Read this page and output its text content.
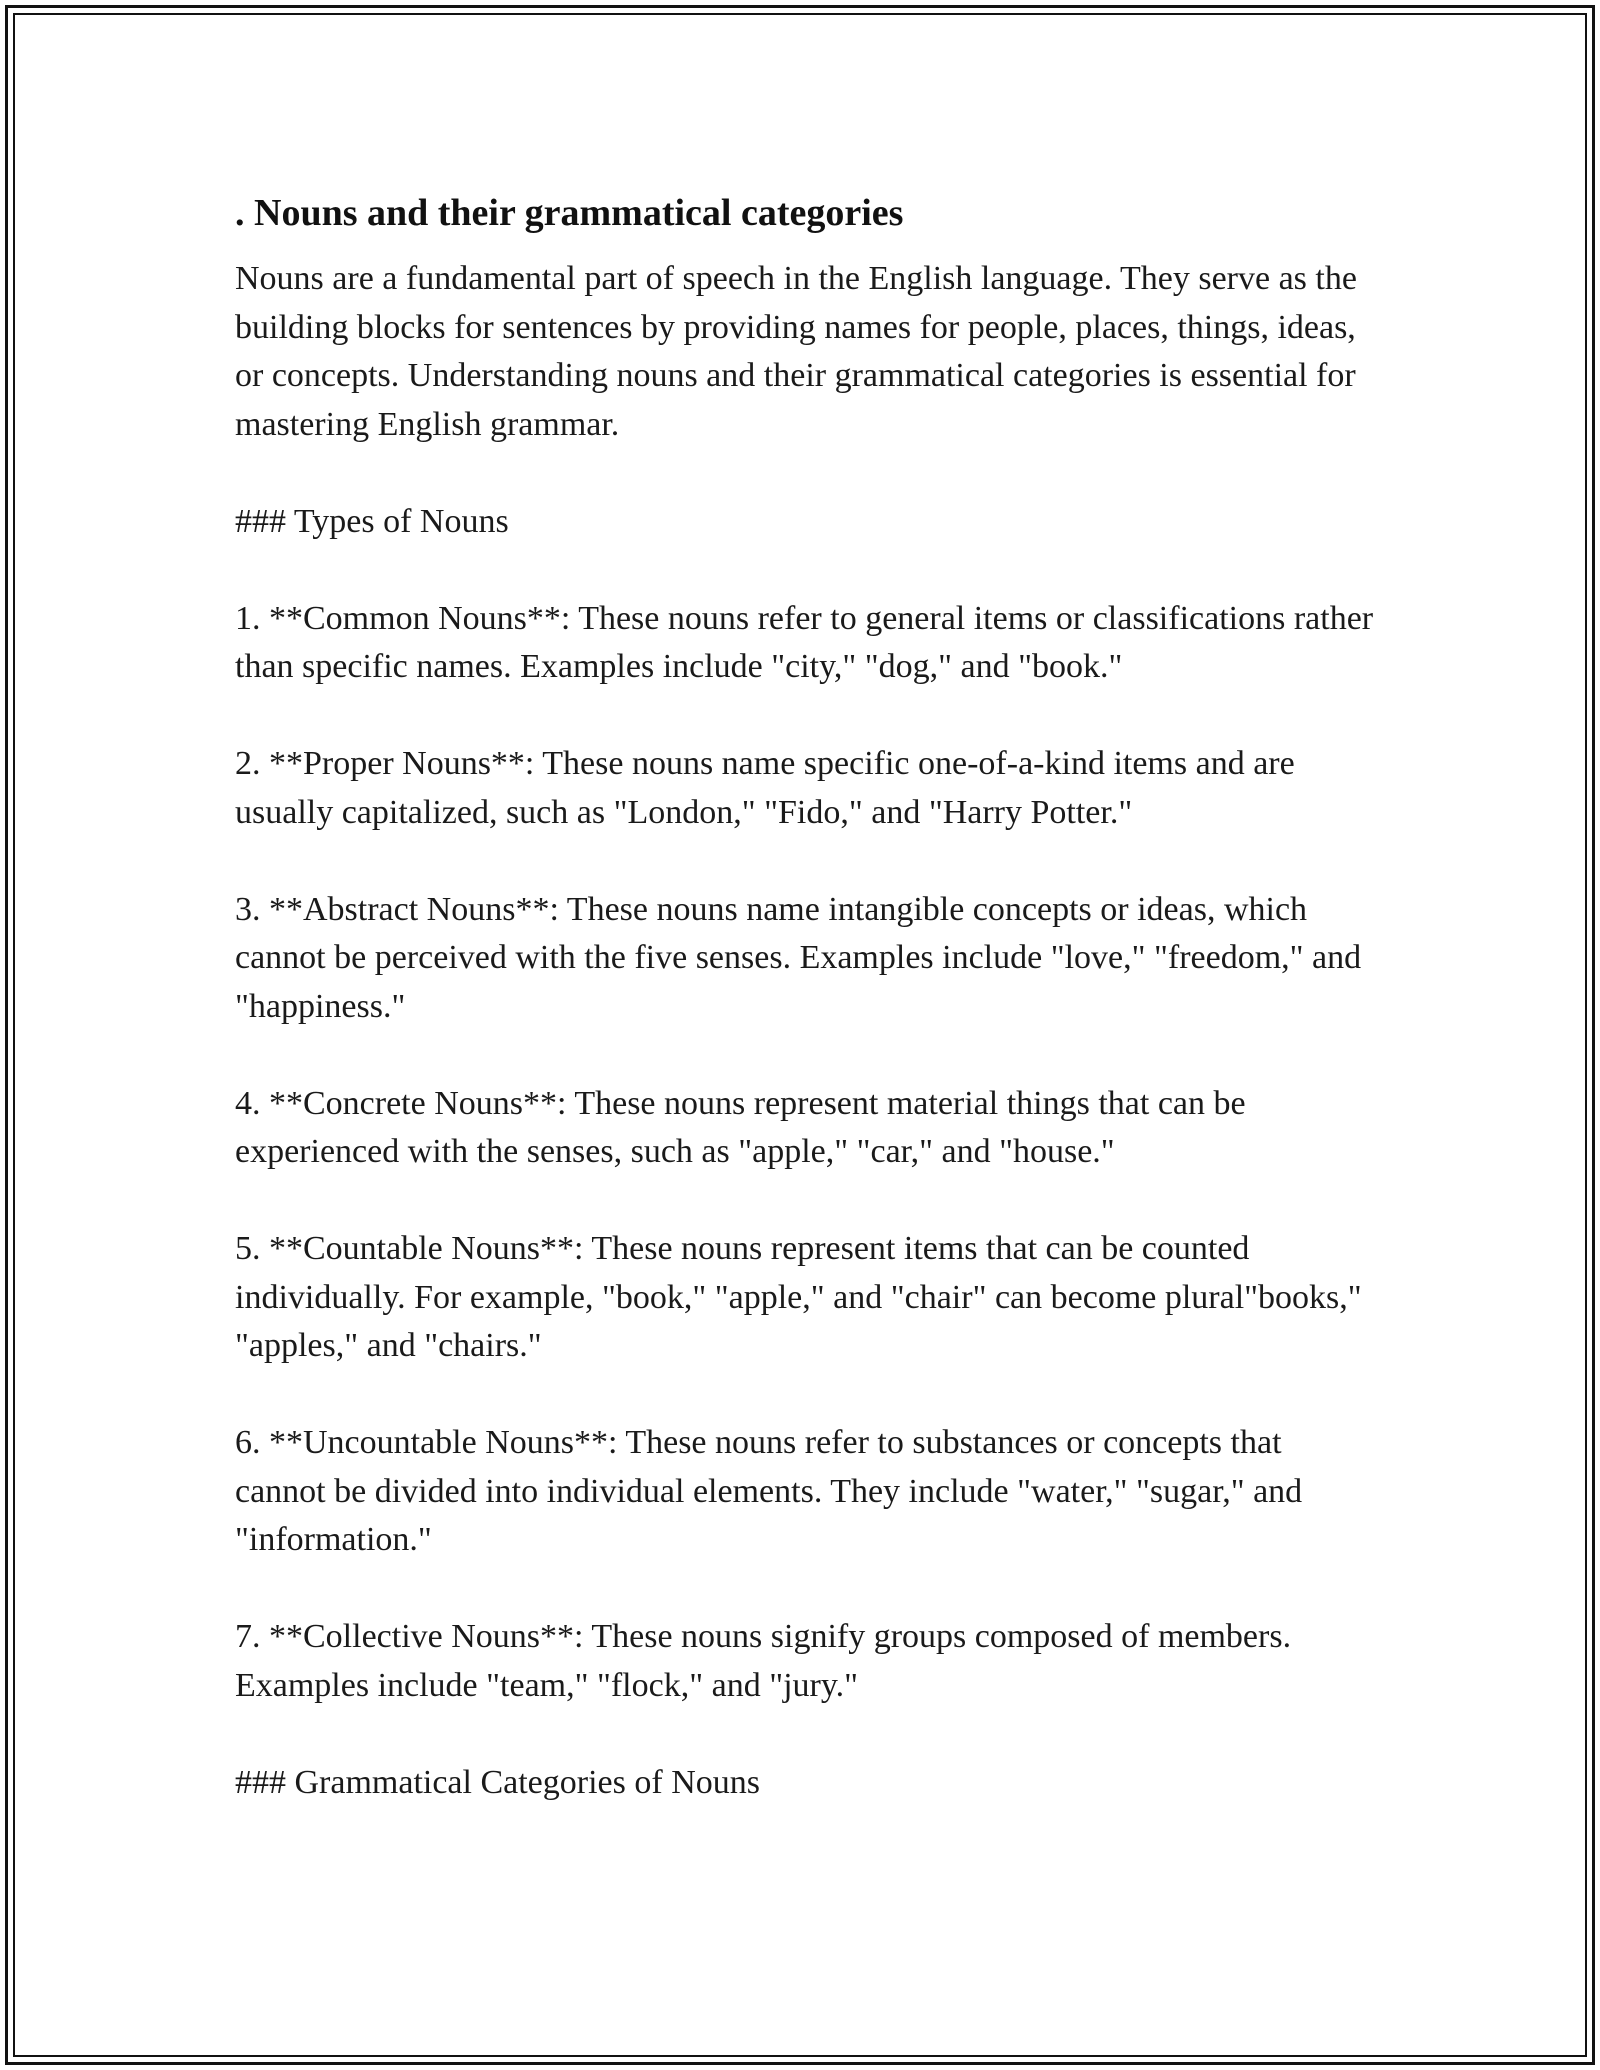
. Nouns and their grammatical categories

Nouns are a fundamental part of speech in the English language. They serve as the building blocks for sentences by providing names for people, places, things, ideas, or concepts. Understanding nouns and their grammatical categories is essential for mastering English grammar.

### Types of Nouns

1. **Common Nouns**: These nouns refer to general items or classifications rather than specific names. Examples include "city," "dog," and "book."

2. **Proper Nouns**: These nouns name specific one-of-a-kind items and are usually capitalized, such as "London," "Fido," and "Harry Potter."

3. **Abstract Nouns**: These nouns name intangible concepts or ideas, which cannot be perceived with the five senses. Examples include "love," "freedom," and "happiness."

4. **Concrete Nouns**: These nouns represent material things that can be experienced with the senses, such as "apple," "car," and "house."

5. **Countable Nouns**: These nouns represent items that can be counted individually. For example, "book," "apple," and "chair" can become plural"books," "apples," and "chairs."

6. **Uncountable Nouns**: These nouns refer to substances or concepts that cannot be divided into individual elements. They include "water," "sugar," and "information."

7. **Collective Nouns**: These nouns signify groups composed of members. Examples include "team," "flock," and "jury."

### Grammatical Categories of Nouns
